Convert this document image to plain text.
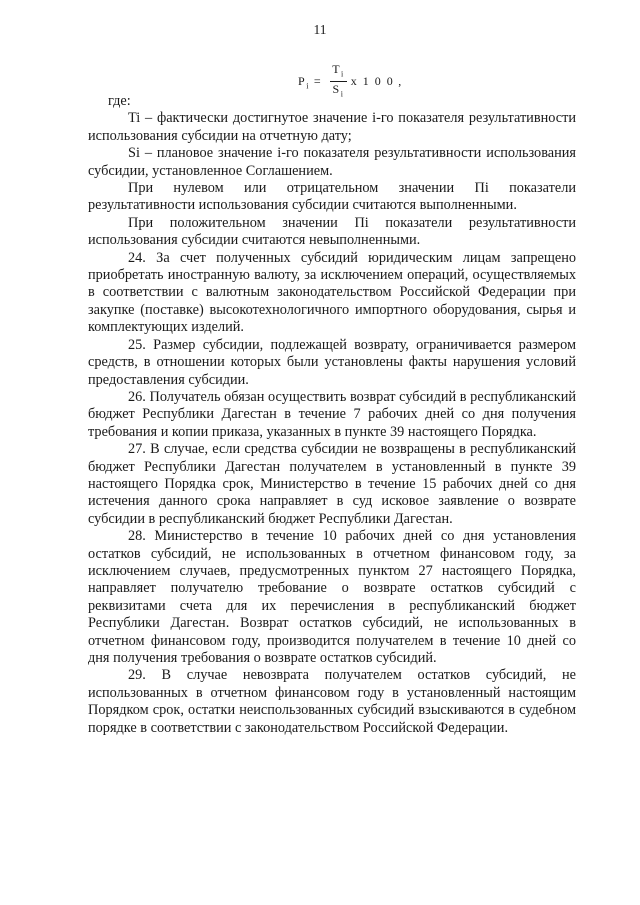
11
$P_i = \frac{T_i}{S_i}$ x 1 0 0 ,

где:

Ti – фактически достигнутое значение i-го показателя результативности использования субсидии на отчетную дату;

Si – плановое значение i-го показателя результативности использования субсидии, установленное Соглашением.

При нулевом или отрицательном значении Пi показатели результативности использования субсидии считаются выполненными.

При положительном значении Пi показатели результативности использования субсидии считаются невыполненными.

24. За счет полученных субсидий юридическим лицам запрещено приобретать иностранную валюту, за исключением операций, осуществляемых в соответствии с валютным законодательством Российской Федерации при закупке (поставке) высокотехнологичного импортного оборудования, сырья и комплектующих изделий.

25. Размер субсидии, подлежащей возврату, ограничивается размером средств, в отношении которых были установлены факты нарушения условий предоставления субсидии.

26. Получатель обязан осуществить возврат субсидий в республиканский бюджет Республики Дагестан в течение 7 рабочих дней со дня получения требования и копии приказа, указанных в пункте 39 настоящего Порядка.

27. В случае, если средства субсидии не возвращены в республиканский бюджет Республики Дагестан получателем в установленный в пункте 39 настоящего Порядка срок, Министерство в течение 15 рабочих дней со дня истечения данного срока направляет в суд исковое заявление о возврате субсидии в республиканский бюджет Республики Дагестан.

28. Министерство в течение 10 рабочих дней со дня установления остатков субсидий, не использованных в отчетном финансовом году, за исключением случаев, предусмотренных пунктом 27 настоящего Порядка, направляет получателю требование о возврате остатков субсидий с реквизитами счета для их перечисления в республиканский бюджет Республики Дагестан. Возврат остатков субсидий, не использованных в отчетном финансовом году, производится получателем в течение 10 дней со дня получения требования о возврате остатков субсидий.

29. В случае невозврата получателем остатков субсидий, не использованных в отчетном финансовом году в установленный настоящим Порядком срок, остатки неиспользованных субсидий взыскиваются в судебном порядке в соответствии с законодательством Российской Федерации.
